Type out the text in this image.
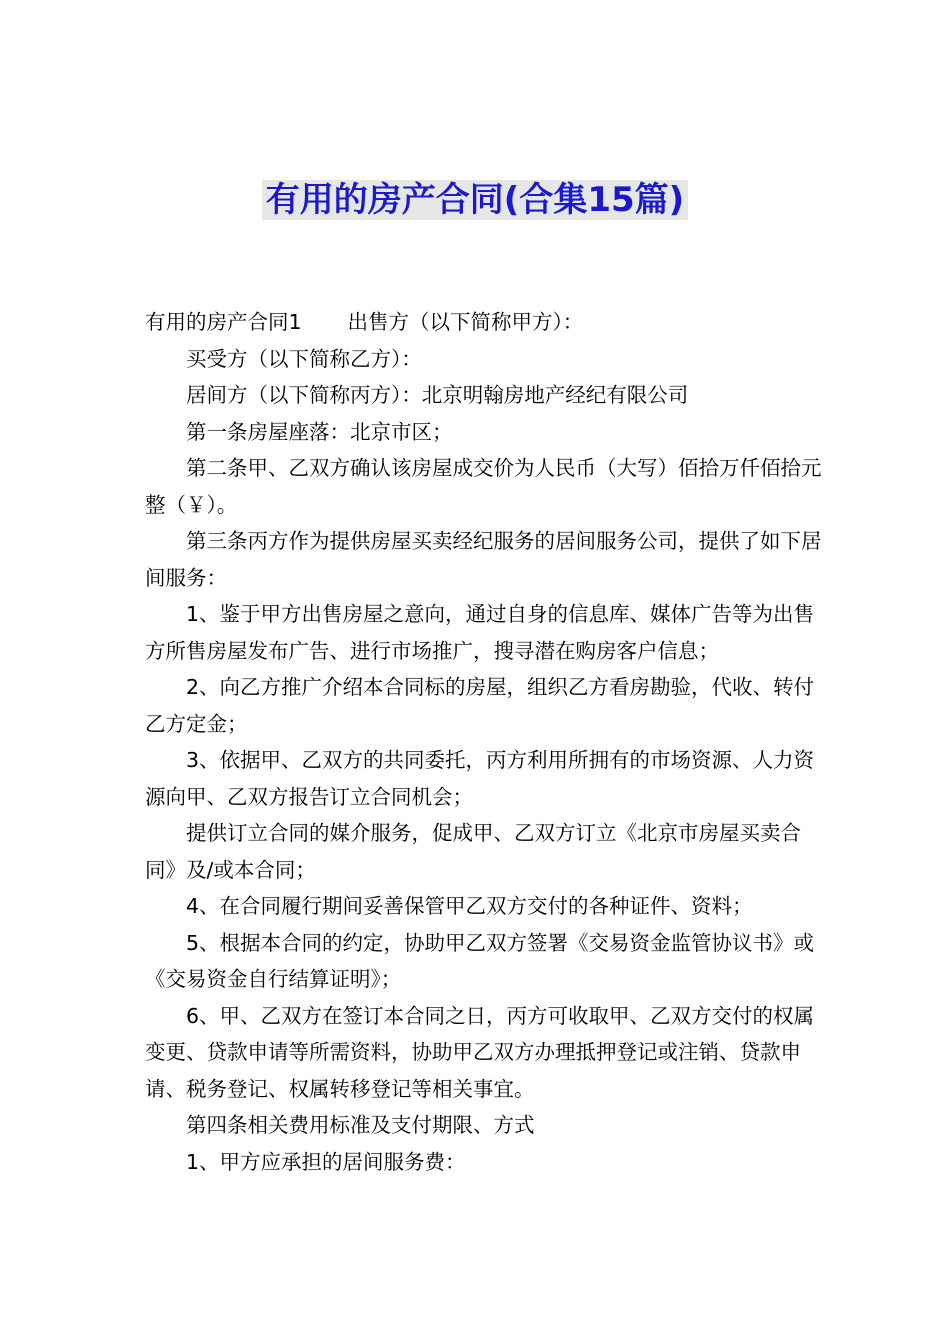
有用的房产合同(合集15篇)

有用的房产合同1 出售方（以下简称甲方）：

买受方（以下简称乙方）：

居间方（以下简称丙方）：北京明翰房地产经纪有限公司

第一条房屋座落：北京市区；

第二条甲、乙双方确认该房屋成交价为人民币（大写）佰拾万仟佰拾元整（￥）。

第三条丙方作为提供房屋买卖经纪服务的居间服务公司，提供了如下居间服务：

1、鉴于甲方出售房屋之意向，通过自身的信息库、媒体广告等为出售方所售房屋发布广告、进行市场推广，搜寻潜在购房客户信息；

2、向乙方推广介绍本合同标的房屋，组织乙方看房勘验，代收、转付乙方定金；

3、依据甲、乙双方的共同委托，丙方利用所拥有的市场资源、人力资源向甲、乙双方报告订立合同机会；

提供订立合同的媒介服务，促成甲、乙双方订立《北京市房屋买卖合同》及/或本合同；

4、在合同履行期间妥善保管甲乙双方交付的各种证件、资料；

5、根据本合同的约定，协助甲乙双方签署《交易资金监管协议书》或《交易资金自行结算证明》；

6、甲、乙双方在签订本合同之日，丙方可收取甲、乙双方交付的权属变更、贷款申请等所需资料，协助甲乙双方办理抵押登记或注销、贷款申请、税务登记、权属转移登记等相关事宜。

第四条相关费用标准及支付期限、方式

1、甲方应承担的居间服务费：
